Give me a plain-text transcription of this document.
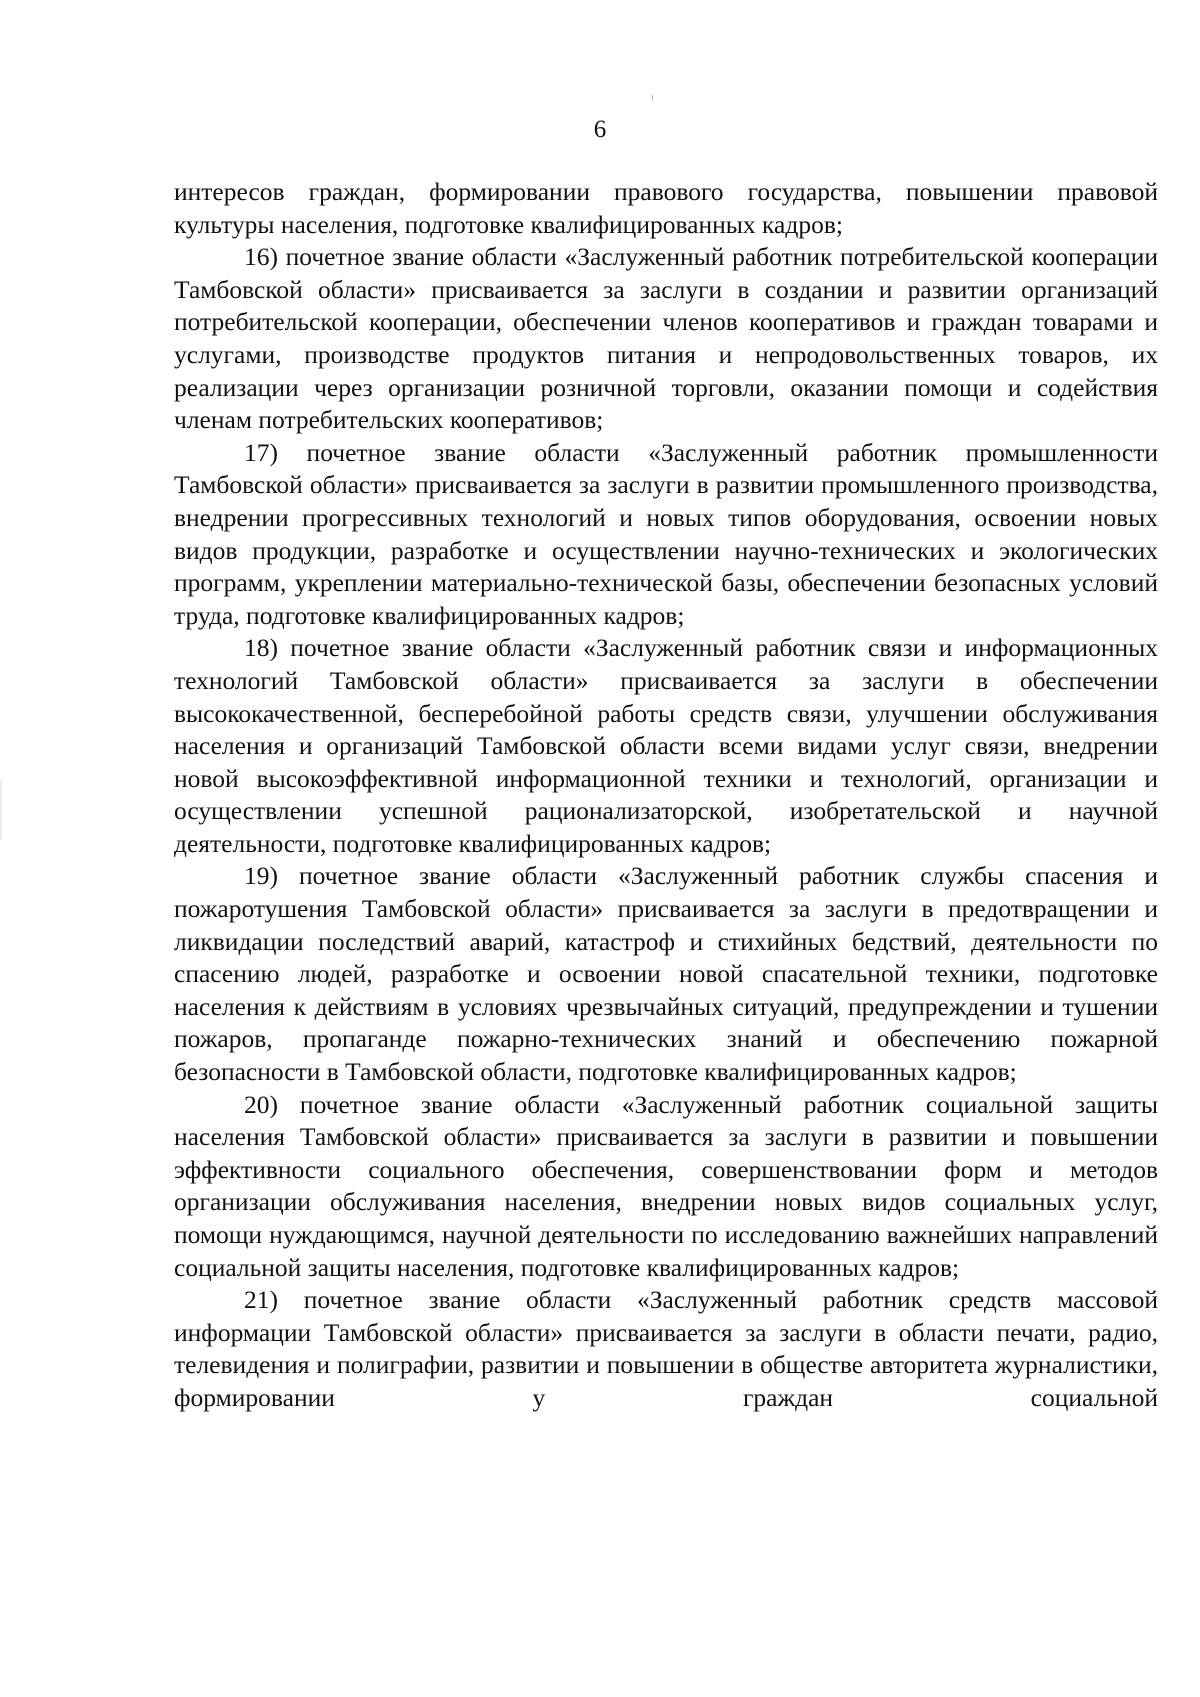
6

интересов граждан, формировании правового государства, повышении правовой культуры населения, подготовке квалифицированных кадров;

16) почетное звание области «Заслуженный работник потребительской кооперации Тамбовской области» присваивается за заслуги в создании и развитии организаций потребительской кооперации, обеспечении членов кооперативов и граждан товарами и услугами, производстве продуктов питания и непродовольственных товаров, их реализации через организации розничной торговли, оказании помощи и содействия членам потребительских кооперативов;

17) почетное звание области «Заслуженный работник промышленности Тамбовской области» присваивается за заслуги в развитии промышленного производства, внедрении прогрессивных технологий и новых типов оборудования, освоении новых видов продукции, разработке и осуществлении научно-технических и экологических программ, укреплении материально-технической базы, обеспечении безопасных условий труда, подготовке квалифицированных кадров;

18) почетное звание области «Заслуженный работник связи и информационных технологий Тамбовской области» присваивается за заслуги в обеспечении высококачественной, бесперебойной работы средств связи, улучшении обслуживания населения и организаций Тамбовской области всеми видами услуг связи, внедрении новой высокоэффективной информационной техники и технологий, организации и осуществлении успешной рационализаторской, изобретательской и научной деятельности, подготовке квалифицированных кадров;

19) почетное звание области «Заслуженный работник службы спасения и пожаротушения Тамбовской области» присваивается за заслуги в предотвращении и ликвидации последствий аварий, катастроф и стихийных бедствий, деятельности по спасению людей, разработке и освоении новой спасательной техники, подготовке населения к действиям в условиях чрезвычайных ситуаций, предупреждении и тушении пожаров, пропаганде пожарно-технических знаний и обеспечению пожарной безопасности в Тамбовской области, подготовке квалифицированных кадров;

20) почетное звание области «Заслуженный работник социальной защиты населения Тамбовской области» присваивается за заслуги в развитии и повышении эффективности социального обеспечения, совершенствовании форм и методов организации обслуживания населения, внедрении новых видов социальных услуг, помощи нуждающимся, научной деятельности по исследованию важнейших направлений социальной защиты населения, подготовке квалифицированных кадров;

21) почетное звание области «Заслуженный работник средств массовой информации Тамбовской области» присваивается за заслуги в области печати, радио, телевидения и полиграфии, развитии и повышении в обществе авторитета журналистики, формировании у граждан социальной
